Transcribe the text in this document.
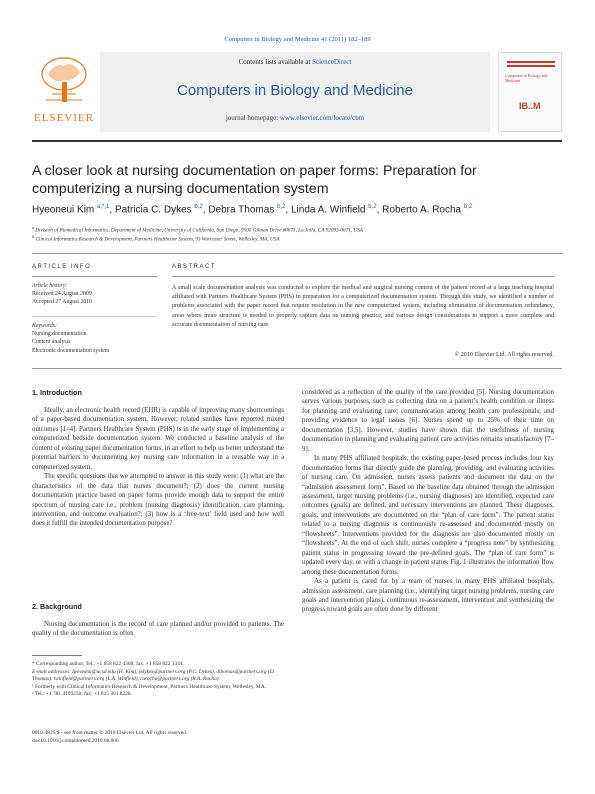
Computers in Biology and Medicine 41 (2011) 182–189
ELSEVIER
Contents lists available at ScienceDirect
Computers in Biology and Medicine
journal homepage: www.elsevier.com/locate/cbm
Computers in Biology and Medicine
IB..M
A closer look at nursing documentation on paper forms: Preparation for
computerizing a nursing documentation system
Hyeoneui Kim $^{a,*,1}$, Patricia C. Dykes $^{b,2}$, Debra Thomas $^{b,2}$, Linda A. Winfield $^{b,2}$, Roberto A. Rocha $^{b,2}$
$^a$ Division of Biomedical Informatics, Department of Medicine, University of California, San Diego, 9500 Gilman Drive #0671, La Jolla, CA 92093-0671, USA
$^b$ Clinical Informatics Research & Development, Partners Healthcare System, 93 Worcester Street, Wellesley, MA, USA
ARTICLE INFO
Article history:
Received 24 August 2009
Accepted 27 August 2010
Keywords:
Nursing documentation
Content analysis
Electronic documentation system
ABSTRACT
A small scale documentation analysis was conducted to explore the medical and surgical nursing content of the patient record at a large teaching hospital affiliated with Partners Healthcare System (PHS) in preparation for a computerized documentation system. Through this study, we identified a number of problems associated with the paper record that require resolution in the new computerized system, including elimination of documentation redundancy, areas where more structure is needed to properly capture data on nursing practice, and various design considerations to support a more complete and accurate documentation of nursing care.
© 2010 Elsevier Ltd. All rights reserved.
1. Introduction

Ideally, an electronic health record (EHR) is capable of improving many shortcomings of a paper-based documentation system. However, related studies have reported mixed outcomes [1–4]. Partners Healthcare System (PHS) is in the early stage of implementing a computerized bedside documentation system. We conducted a baseline analysis of the content of existing paper documentation forms, in an effort to help us better understand the potential barriers to documenting key nursing care information in a reusable way in a computerized system.

The specific questions that we attempted to answer in this study were: (1) what are the characteristics of the data that nurses document?; (2) does the current nursing documentation practice based on paper forms provide enough data to support the entire spectrum of nursing care i.e., problem (nursing diagnosis) identification, care planning, intervention, and outcome evaluation?; (3) how is a ‘free-text’ field used and how well does it fulfill the intended documentation purpose?

2. Background

Nursing documentation is the record of care planned and/or provided to patients. The quality of the documentation is often

* Corresponding author. Tel.: +1 858 822 4368; fax: +1 858 822 3344.

E-mail addresses: hyeoneui@ucsd.edu (H. Kim), pdykes@partners.org (P.C. Dykes), dthomas@partners.org (D. Thomas), lwinfield@partners.org (L.A. Winfield), rarocha@partners.org (R.A. Rocha).

¹ Formerly with Clinical Informatics Research & Development, Partners Healthcare System, Wellesley, MA.

² Tel.: +1 781 4169258; fax: +1 815 301 8228.

0010-4825/$ - see front matter © 2010 Elsevier Ltd. All rights reserved.

doi:10.1016/j.compbiomed.2010.08.006

considered as a reflection of the quality of the care provided [5]. Nursing documentation serves various purposes, such as collecting data on a patient’s health condition or illness for planning and evaluating care; communication among health care professionals; and providing evidence to legal issues [6]. Nurses spend up to 25% of their time on documentation [3,5]. However, studies have shown that the usefulness of nursing documentation in planning and evaluating patient care activities remains unsatisfactory [7–9].

In many PHS affiliated hospitals, the existing paper-based process includes four key documentation forms that directly guide the planning, providing, and evaluating activities of nursing care. On admission, nurses assess patients and document the data on the “admission assessment form”. Based on the baseline data obtained through the admission assessment, target nursing problems (i.e., nursing diagnoses) are identified, expected care outcomes (goals) are defined, and necessary interventions are planned. These diagnoses, goals, and interventions are documented on the “plan of care form”. The patient status related to a nursing diagnosis is continuously re-assessed and documented mostly on “flowsheets”. Interventions provided for the diagnosis are also documented mostly on “flowsheets”. At the end of each shift, nurses complete a “progress note” by synthesizing patient status in progressing toward the pre-defined goals. The “plan of care form” is updated every day, or with a change in patient status. Fig. 1 illustrates the information flow among these documentation forms.

As a patient is cared for by a team of nurses in many PHS affiliated hospitals, admission assessment, care planning (i.e., identifying target nursing problems, nursing care goals and intervention plans), continuous re-assessment, intervention and synthesizing the progress toward goals are often done by different
